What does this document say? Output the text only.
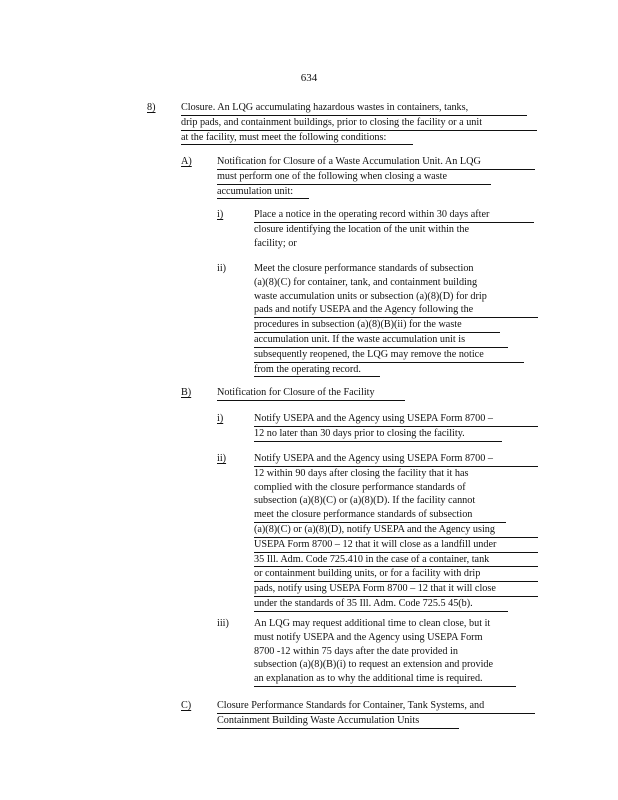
634
8)	Closure. An LQG accumulating hazardous wastes in containers, tanks,
drip pads, and containment buildings, prior to closing the facility or a unit
at the facility, must meet the following conditions:
A) Notification for Closure of a Waste Accumulation Unit. An LQG
must perform one of the following when closing a waste
accumulation unit:
i)	Place a notice in the operating record within 30 days after
closure identifying the location of the unit within the
facility; or
ii)	Meet the closure performance standards of subsection
(a)(8)(C) for container, tank, and containment building
waste accumulation units or subsection (a)(8)(D) for drip
pads and notify USEPA and the Agency following the
procedures in subsection (a)(8)(B)(ii) for the waste
accumulation unit. If the waste accumulation unit is
subsequently reopened, the LQG may remove the notice
from the operating record.
B)	Notification for Closure of the Facility
i)	Notify USEPA and the Agency using USEPA Form 8700 –
12 no later than 30 days prior to closing the facility.
ii)	Notify USEPA and the Agency using USEPA Form 8700 –
12 within 90 days after closing the facility that it has
complied with the closure performance standards of
subsection (a)(8)(C) or (a)(8)(D). If the facility cannot
meet the closure performance standards of subsection
(a)(8)(C) or (a)(8)(D), notify USEPA and the Agency using
USEPA Form 8700 – 12 that it will close as a landfill under
35 Ill. Adm. Code 725.410 in the case of a container, tank
or containment building units, or for a facility with drip
pads, notify using USEPA Form 8700 – 12 that it will close
under the standards of 35 Ill. Adm. Code 725.5 45(b).
iii) An LQG may request additional time to clean close, but it
must notify USEPA and the Agency using USEPA Form
8700 -12 within 75 days after the date provided in
subsection (a)(8)(B)(i) to request an extension and provide
an explanation as to why the additional time is required.
C)	Closure Performance Standards for Container, Tank Systems, and
Containment Building Waste Accumulation Units
